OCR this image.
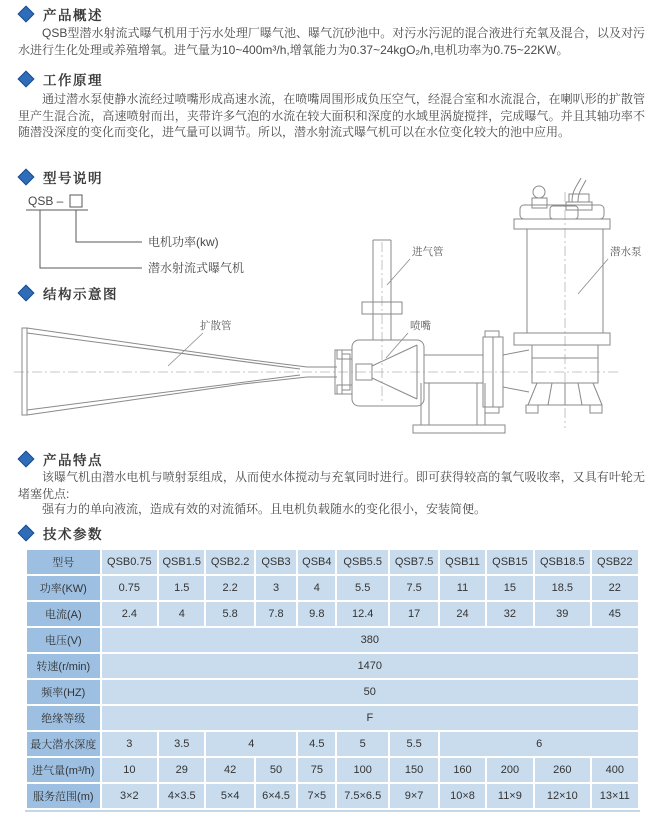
产品概述

QSB型潜水射流式曝气机用于污水处理厂曝气池、曝气沉砂池中。对污水污泥的混合液进行充氧及混合，以及对污水进行生化处理或养殖增氧。进气量为10~400m³/h,增氧能力为0.37~24kgO₂/h,电机功率为0.75~22KW。

工作原理

通过潜水泵使静水流经过喷嘴形成高速水流，在喷嘴周围形成负压空气，经混合室和水流混合，在喇叭形的扩散管里产生混合流，高速喷射而出，夹带许多气泡的水流在较大面积和深度的水域里涡旋搅拌，完成曝气。并且其轴功率不随潜没深度的变化而变化，进气量可以调节。所以，潜水射流式曝气机可以在水位变化较大的池中应用。

型号说明
QSB –
电机功率(kw)
潜水射流式曝气机
结构示意图
扩散管
进气管
喷嘴
潜水泵
产品特点

该曝气机由潜水电机与喷射泵组成，从而使水体搅动与充氧同时进行。即可获得较高的氧气吸收率，又具有叶轮无堵塞优点:

强有力的单向液流，造成有效的对流循环。且电机负载随水的变化很小，安装简便。

技术参数
型号	QSB0.75	QSB1.5	QSB2.2	QSB3	QSB4	QSB5.5	QSB7.5	QSB11	QSB15	QSB18.5	QSB22
功率(KW)	0.75	1.5	2.2	3	4	5.5	7.5	11	15	18.5	22
电流(A)	2.4	4	5.8	7.8	9.8	12.4	17	24	32	39	45
电压(V)	380										
转速(r/min)	1470										
频率(HZ)	50										
绝缘等级	F										
最大潜水深度	3	3.5	4		4.5	5	5.5	6			
进气量(m³/h)	10	29	42	50	75	100	150	160	200	260	400
服务范围(m)	3×2	4×3.5	5×4	6×4.5	7×5	7.5×6.5	9×7	10×8	11×9	12×10	13×11
